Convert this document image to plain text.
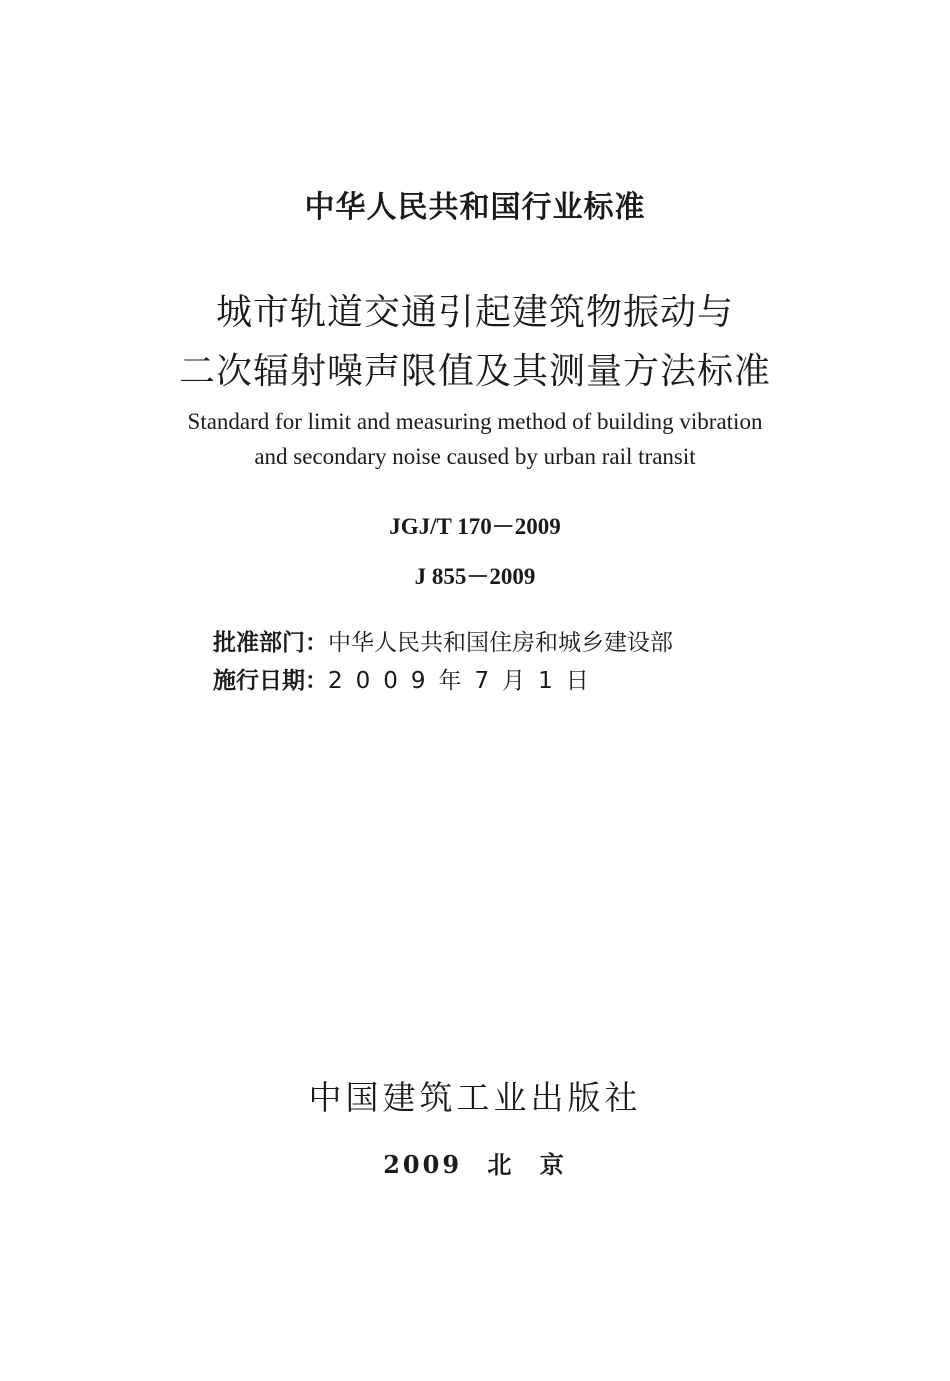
中华人民共和国行业标准
城市轨道交通引起建筑物振动与
二次辐射噪声限值及其测量方法标准
Standard for limit and measuring method of building vibration
and secondary noise caused by urban rail transit
JGJ/T 170－2009
J 855－2009
批准部门：中华人民共和国住房和城乡建设部
施行日期：2009年7月1日
中国建筑工业出版社
2009 北 京
